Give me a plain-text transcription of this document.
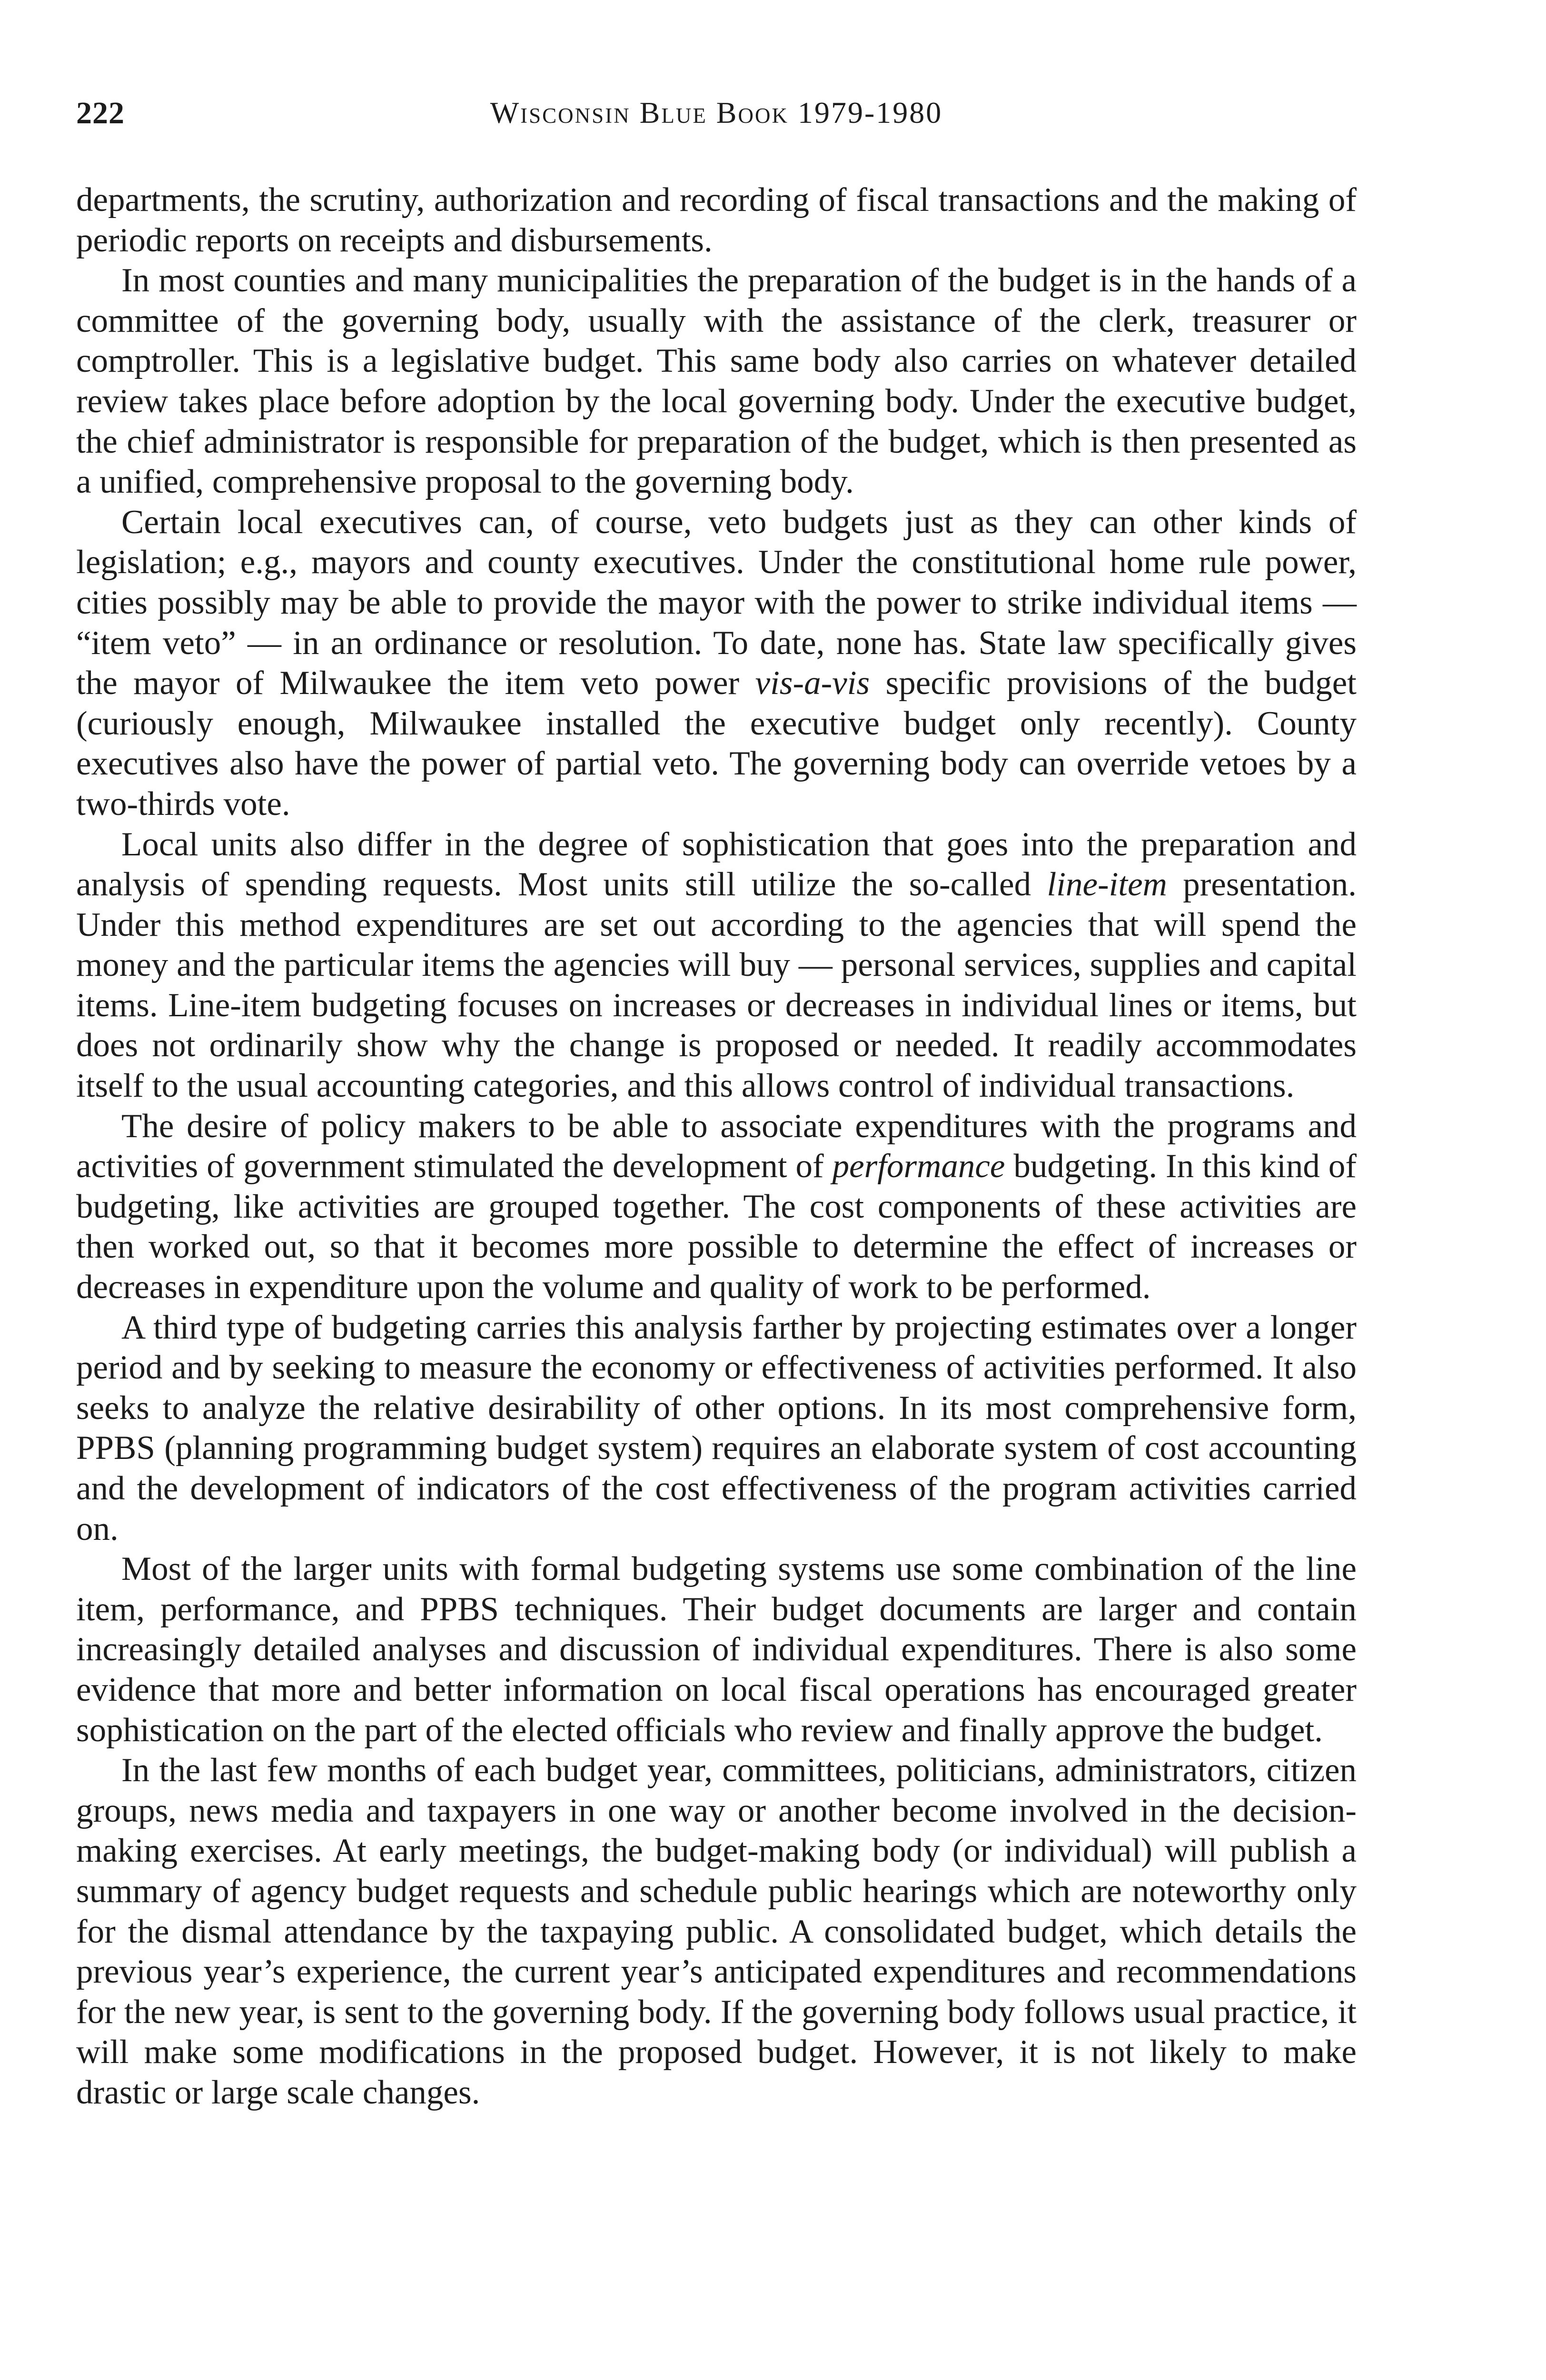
222	Wisconsin Blue Book 1979-1980

departments, the scrutiny, authorization and recording of fiscal transactions and the making of periodic reports on receipts and disbursements.

In most counties and many municipalities the preparation of the budget is in the hands of a committee of the governing body, usually with the assistance of the clerk, treasurer or comptroller. This is a legislative budget. This same body also carries on whatever detailed review takes place before adoption by the local governing body. Under the executive budget, the chief administrator is responsible for preparation of the budget, which is then presented as a unified, comprehensive proposal to the governing body.

Certain local executives can, of course, veto budgets just as they can other kinds of legislation; e.g., mayors and county executives. Under the constitutional home rule power, cities possibly may be able to provide the mayor with the power to strike individual items — “item veto” — in an ordinance or resolution. To date, none has. State law specifically gives the mayor of Milwaukee the item veto power vis-a-vis specific provisions of the budget (curiously enough, Milwaukee installed the executive budget only recently). County executives also have the power of partial veto. The governing body can override vetoes by a two-thirds vote.

Local units also differ in the degree of sophistication that goes into the preparation and analysis of spending requests. Most units still utilize the so-called line-item presentation. Under this method expenditures are set out according to the agencies that will spend the money and the particular items the agencies will buy — personal services, supplies and capital items. Line-item budgeting focuses on increases or decreases in individual lines or items, but does not ordinarily show why the change is proposed or needed. It readily accommodates itself to the usual accounting categories, and this allows control of individual transactions.

The desire of policy makers to be able to associate expenditures with the programs and activities of government stimulated the development of performance budgeting. In this kind of budgeting, like activities are grouped together. The cost components of these activities are then worked out, so that it becomes more possible to determine the effect of increases or decreases in expenditure upon the volume and quality of work to be performed.

A third type of budgeting carries this analysis farther by projecting estimates over a longer period and by seeking to measure the economy or effectiveness of activities performed. It also seeks to analyze the relative desirability of other options. In its most comprehensive form, PPBS (planning programming budget system) requires an elaborate system of cost accounting and the development of indicators of the cost effectiveness of the program activities carried on.

Most of the larger units with formal budgeting systems use some combination of the line item, performance, and PPBS techniques. Their budget documents are larger and contain increasingly detailed analyses and discussion of individual expenditures. There is also some evidence that more and better information on local fiscal operations has encouraged greater sophistication on the part of the elected officials who review and finally approve the budget.

In the last few months of each budget year, committees, politicians, administrators, citizen groups, news media and taxpayers in one way or another become involved in the decision-making exercises. At early meetings, the budget-making body (or individual) will publish a summary of agency budget requests and schedule public hearings which are noteworthy only for the dismal attendance by the taxpaying public. A consolidated budget, which details the previous year’s experience, the current year’s anticipated expenditures and recommendations for the new year, is sent to the governing body. If the governing body follows usual practice, it will make some modifications in the proposed budget. However, it is not likely to make drastic or large scale changes.
